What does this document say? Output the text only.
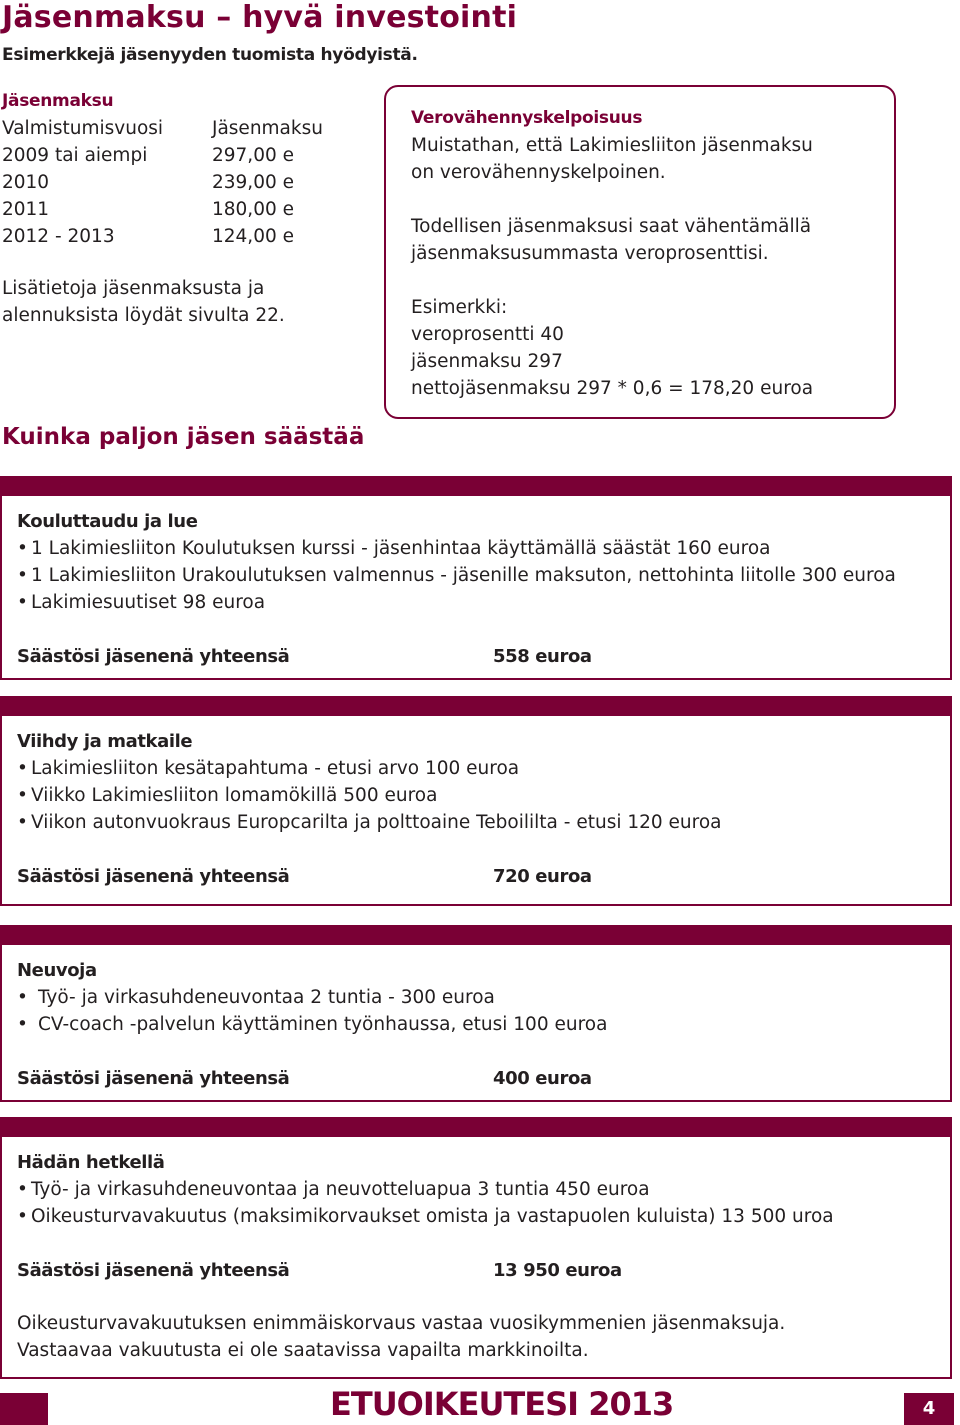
Jäsenmaksu – hyvä investointi
Esimerkkejä jäsenyyden tuomista hyödyistä.
Jäsenmaksu
Valmistumisvuosi	Jäsenmaksu
2009 tai aiempi	297,00 e
2010	239,00 e
2011	180,00 e
2012 - 2013	124,00 e
Lisätietoja jäsenmaksusta ja
alennuksista löydät sivulta 22.

Verovähennyskelpoisuus

Muistathan, että Lakimiesliiton jäsenmaksu

on verovähennyskelpoinen.

Todellisen jäsenmaksusi saat vähentämällä

jäsenmaksusummasta veroprosenttisi.

Esimerkki:

veroprosentti 40

jäsenmaksu 297

nettojäsenmaksu 297 * 0,6 = 178,20 euroa

Kuinka paljon jäsen säästää
Kouluttaudu ja lue
• 1 Lakimiesliiton Koulutuksen kurssi - jäsenhintaa käyttämällä säästät 160 euroa
• 1 Lakimiesliiton Urakoulutuksen valmennus - jäsenille maksuton, nettohinta liitolle 300 euroa
• Lakimiesuutiset 98 euroa
Säästösi jäsenenä yhteensä	558 euroa
Viihdy ja matkaile
• Lakimiesliiton kesätapahtuma - etusi arvo 100 euroa
• Viikko Lakimiesliiton lomamökillä 500 euroa
• Viikon autonvuokraus Europcarilta ja polttoaine Teboililta - etusi 120 euroa
Säästösi jäsenenä yhteensä	720 euroa
Neuvoja
• Työ- ja virkasuhdeneuvontaa 2 tuntia - 300 euroa
• CV-coach -palvelun käyttäminen työnhaussa, etusi 100 euroa
Säästösi jäsenenä yhteensä	400 euroa
Hädän hetkellä
• Työ- ja virkasuhdeneuvontaa ja neuvotteluapua 3 tuntia 450 euroa
• Oikeusturvavakuutus (maksimikorvaukset omista ja vastapuolen kuluista) 13 500 uroa
Säästösi jäsenenä yhteensä	13 950 euroa
Oikeusturvavakuutuksen enimmäiskorvaus vastaa vuosikymmenien jäsenmaksuja.
Vastaavaa vakuutusta ei ole saatavissa vapailta markkinoilta.
ETUOIKEUTESI 2013	4
